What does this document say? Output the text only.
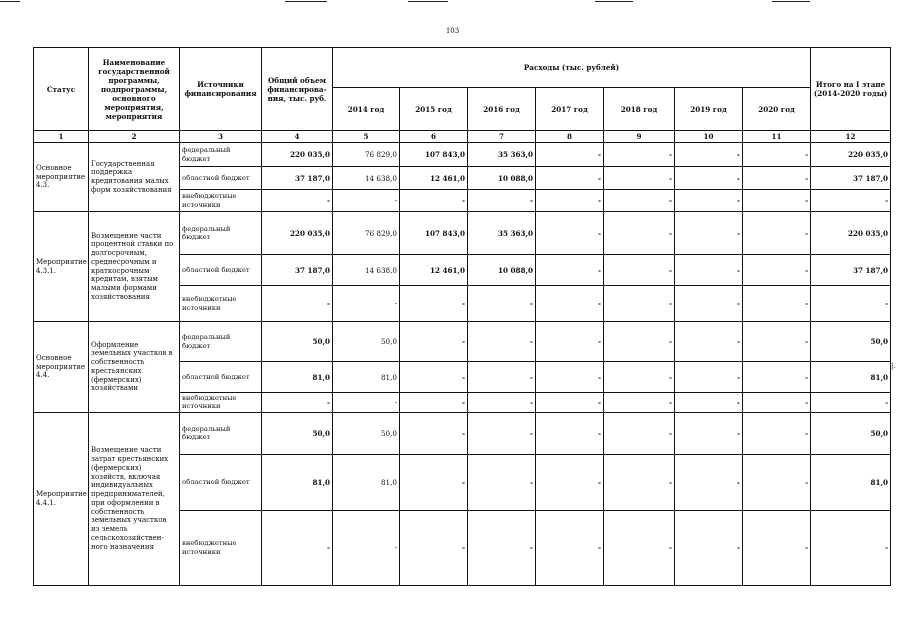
103
Статус	Наименование государственной программы, подпрограммы, основного мероприятия, мероприятия	Источники финансирования	Общий объем финансирова-ния, тыс. руб.	Расходы (тыс. рублей)							Итого на I этапе (2014-2020 годы)
				2014 год	2015 год	2016 год	2017 год	2018 год	2019 год	2020 год	
1	2	3	4	5	6	7	8	9	10	11	12
Основное мероприятие 4.3.	Государственная поддержка кредитования малых форм хозяйствования	федеральный бюджет	220 035,0	76 829,0	107 843,0	35 363,0	-	-	-	-	220 035,0
		областной бюджет	37 187,0	14 638,0	12 461,0	10 088,0	-	-	-	-	37 187,0
		внебюджетные источники	-	-	-	-	-	-	-	-	-
Мероприятие 4.3.1.	Возмещение части процентной ставки по долгосрочным, среднесрочным и краткосрочным кредитам, взятым малыми формами хозяйствования	федеральный бюджет	220 035,0	76 829,0	107 843,0	35 363,0	-	-	-	-	220 035,0
		областной бюджет	37 187,0	14 638,0	12 461,0	10 088,0	-	-	-	-	37 187,0
		внебюджетные источники	-	-	-	-	-	-	-	-	-
Основное мероприятие 4.4.	Оформление земельных участков в собственность крестьянских (фермерских) хозяйствами	федеральный бюджет	50,0	50,0	-	-	-	-	-	-	50,0
		областной бюджет	81,0	81,0	-	-	-	-	-	-	81,0
		внебюджетные источники	-	-	-	-	-	-	-	-	-
Мероприятие 4.4.1.	Возмещение части затрат крестьянских (фермерских) хозяйств, включая индивидуальных предпринимателей, при оформлении в собственность земельных участков из земель сельскохозяйствен-ного назначения	федеральный бюджет	50,0	50,0	-	-	-	-	-	-	50,0
		областной бюджет	81,0	81,0	-	-	-	-	-	-	81,0
		внебюджетные источники	-	-	-	-	-	-	-	-	-
|.
